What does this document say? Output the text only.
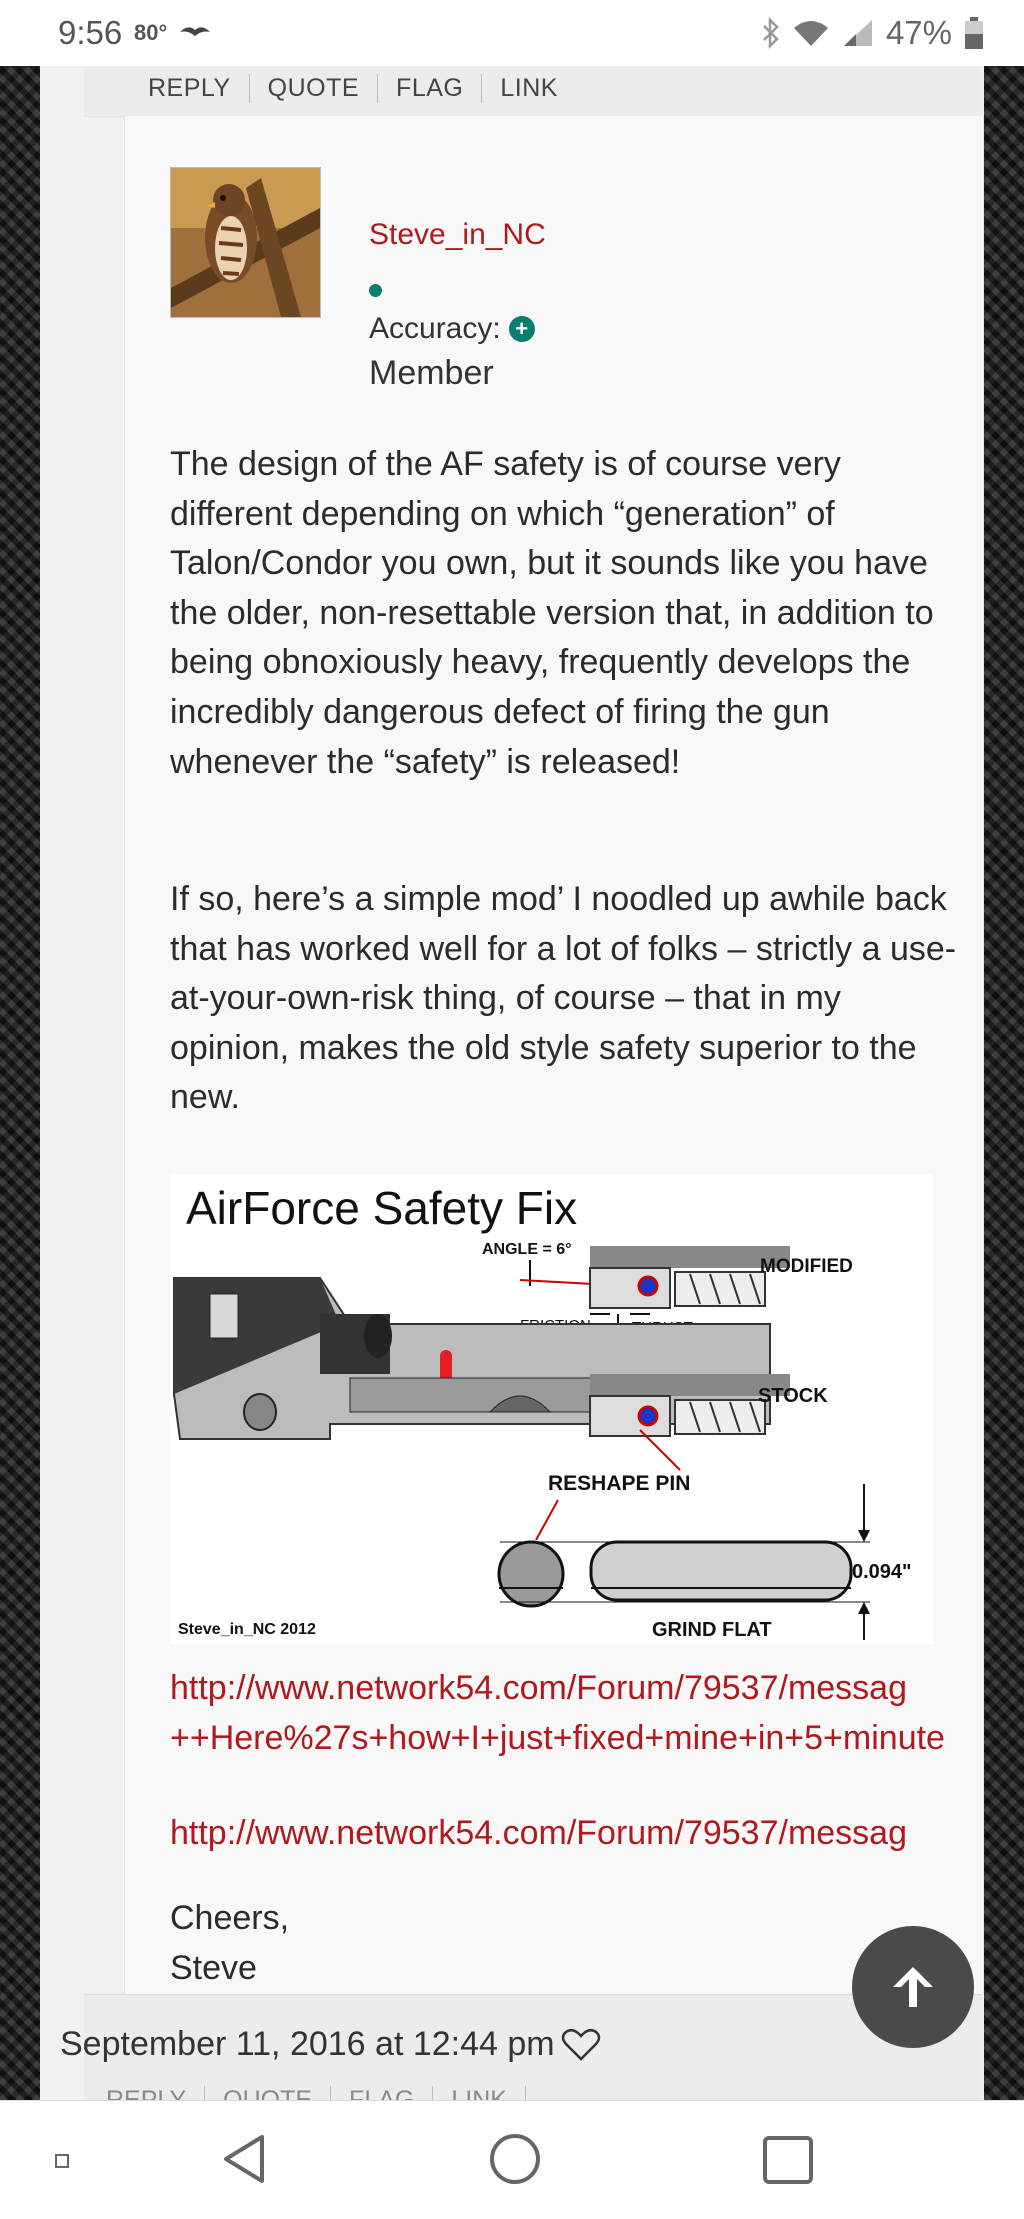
9:56 80°	47%
REPLY	QUOTE	FLAG	LINK
Steve_in_NC
Accuracy: +
Member

The design of the AF safety is of course very different depending on which “generation” of Talon/Condor you own, but it sounds like you have the older, non-resettable version that, in addition to being obnoxiously heavy, frequently develops the incredibly dangerous defect of firing the gun whenever the “safety” is released!

If so, here’s a simple mod’ I noodled up awhile back that has worked well for a lot of folks – strictly a use-at-your-own-risk thing, of course – that in my opinion, makes the old style safety superior to the new.

AirForce Safety Fix
ANGLE = 6°
MODIFIED
STOCK
RESHAPE PIN
0.094"
GRIND FLAT
Steve_in_NC 2012
http://www.network54.com/Forum/79537/messag
++Here%27s+how+I+just+fixed+mine+in+5+minute
http://www.network54.com/Forum/79537/messag

Cheers,

Steve

September 11, 2016 at 12:44 pm
